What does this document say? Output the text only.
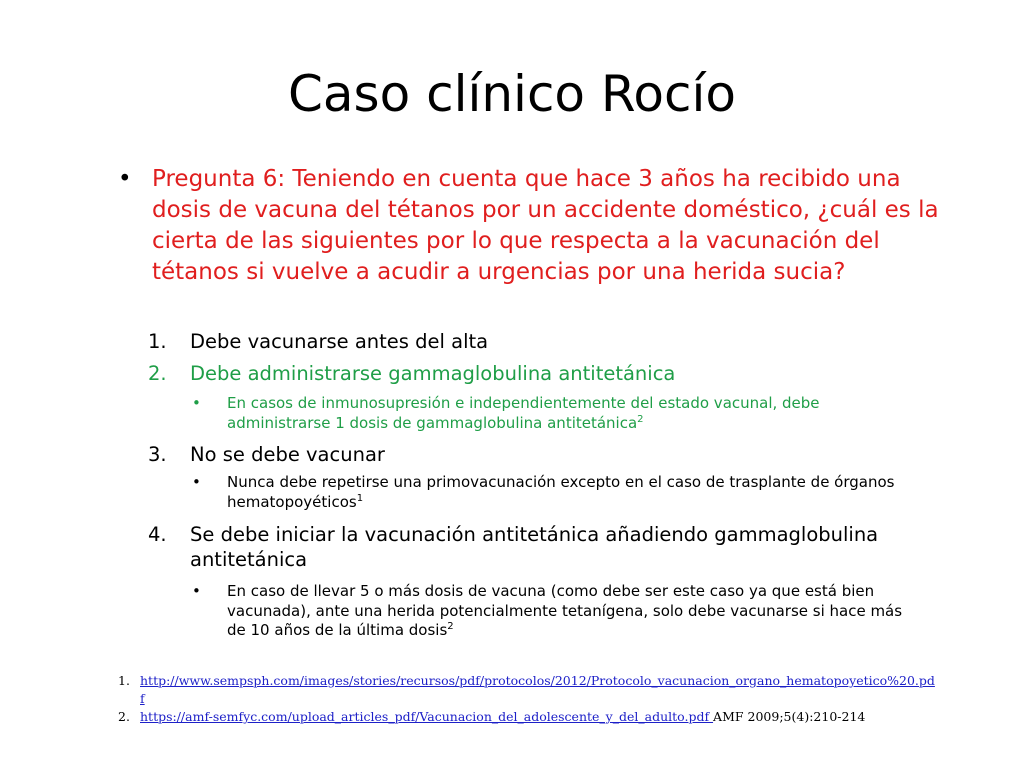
Caso clínico Rocío
• Pregunta 6: Teniendo en cuenta que hace 3 años ha recibido una dosis de vacuna del tétanos por un accidente doméstico, ¿cuál es la cierta de las siguientes por lo que respecta a la vacunación del tétanos si vuelve a acudir a urgencias por una herida sucia?
1. Debe vacunarse antes del alta
2. Debe administrarse gammaglobulina antitetánica
• En casos de inmunosupresión e independientemente del estado vacunal, debe administrarse 1 dosis de gammaglobulina antitetánica$^2$
3. No se debe vacunar
• Nunca debe repetirse una primovacunación excepto en el caso de trasplante de órganos hematopoyéticos$^1$
4. Se debe iniciar la vacunación antitetánica añadiendo gammaglobulina antitetánica
• En caso de llevar 5 o más dosis de vacuna (como debe ser este caso ya que está bien vacunada), ante una herida potencialmente tetanígena, solo debe vacunarse si hace más de 10 años de la última dosis$^2$
1. http://www.sempsph.com/images/stories/recursos/pdf/protocolos/2012/Protocolo_vacunacion_organo_hematopoyetico%20.pdf
2. https://amf-semfyc.com/upload_articles_pdf/Vacunacion_del_adolescente_y_del_adulto.pdf AMF 2009;5(4):210-214
